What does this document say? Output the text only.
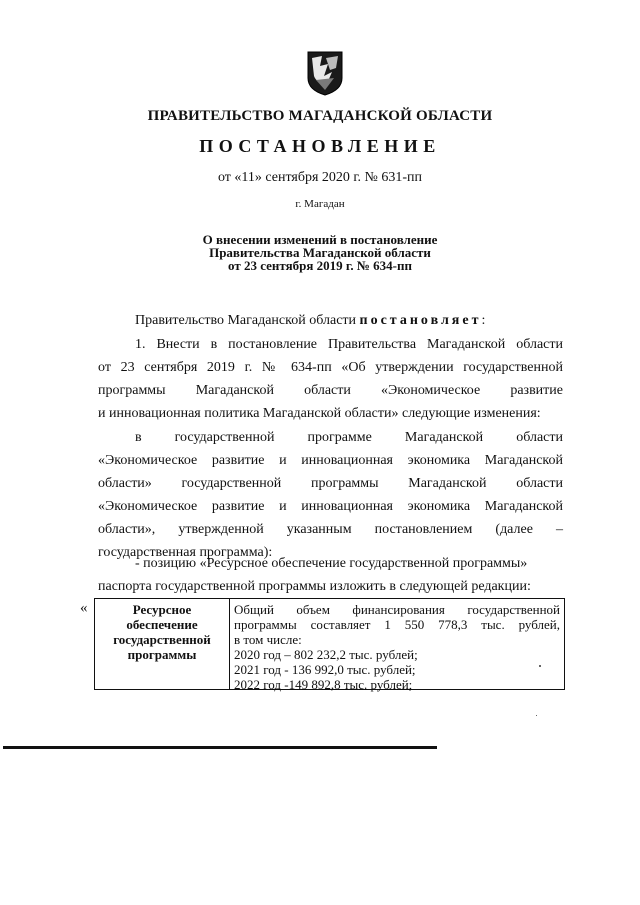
ПРАВИТЕЛЬСТВО МАГАДАНСКОЙ ОБЛАСТИ
ПОСТАНОВЛЕНИЕ
от «11» сентября 2020 г. № 631-пп
г. Магадан
О внесении изменений в постановление
Правительства Магаданской области
от 23 сентября 2019 г. № 634-пп
Правительство Магаданской области постановляет:
1. Внести в постановление Правительства Магаданской области
от 23 сентября 2019 г. № 634-пп «Об утверждении государственной
программы Магаданской области «Экономическое развитие
и инновационная политика Магаданской области» следующие изменения:
в государственной программе Магаданской области
«Экономическое развитие и инновационная экономика Магаданской
области» государственной программы Магаданской области
«Экономическое развитие и инновационная экономика Магаданской
области», утвержденной указанным постановлением (далее –
государственная программа):
- позицию «Ресурсное обеспечение государственной программы»
паспорта государственной программы изложить в следующей редакции:
«	Ресурсное
обеспечение
государственной
программы
Общий объем финансирования государственной
программы составляет 1 550 778,3 тыс. рублей,
в том числе:
2020 год – 802 232,2 тыс. рублей;
2021 год - 136 992,0 тыс. рублей;
2022 год -149 892,8 тыс. рублей;
